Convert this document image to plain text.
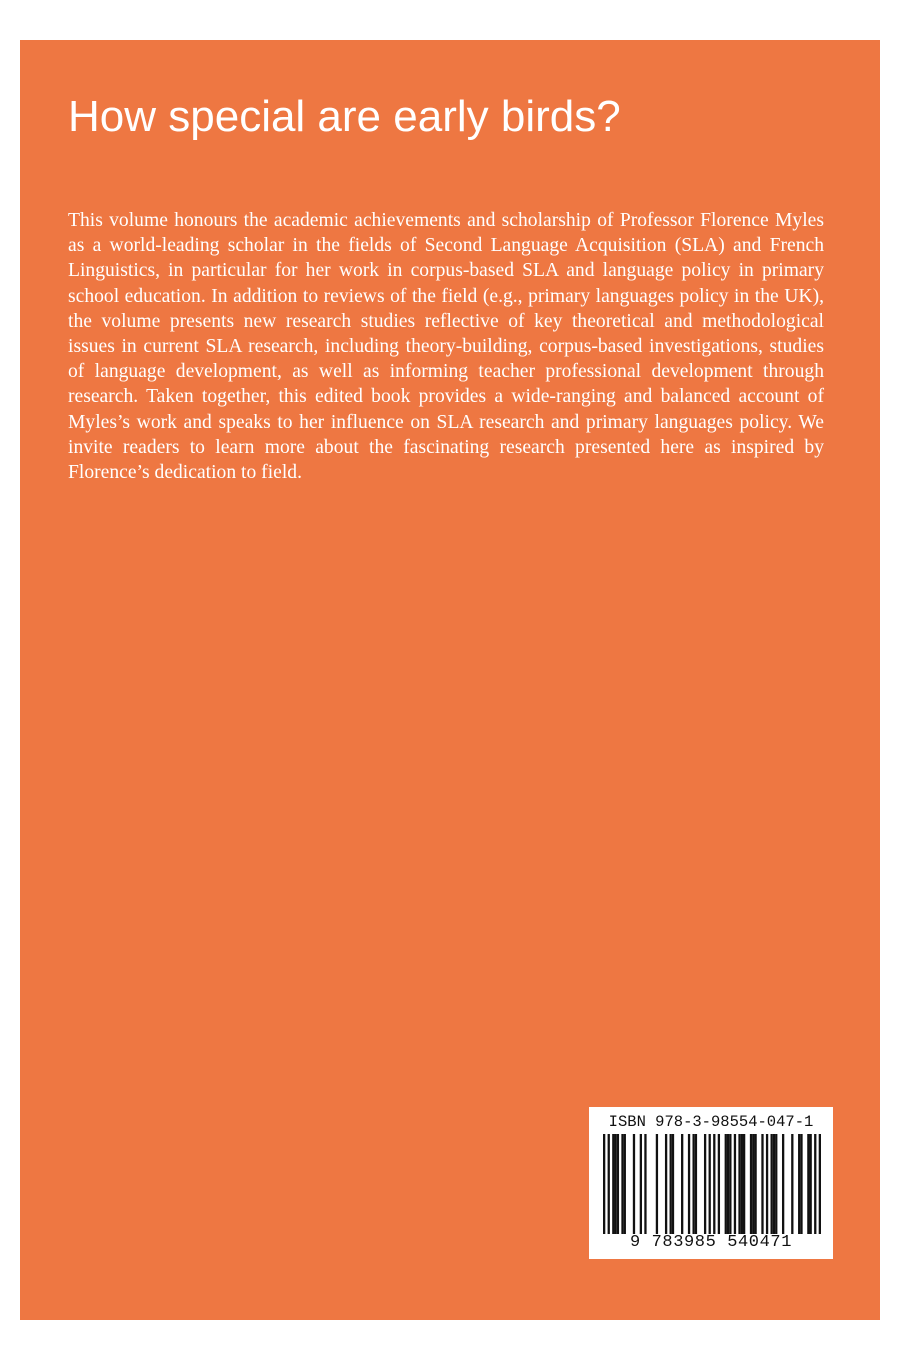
How special are early birds?

This volume honours the academic achievements and scholarship of Professor Florence Myles as a world-leading scholar in the fields of Second Language Acquisition (SLA) and French Linguistics, in particular for her work in corpus-based SLA and language policy in primary school education. In addition to reviews of the field (e.g., primary languages policy in the UK), the volume presents new research studies reflective of key theoretical and methodological issues in current SLA research, including theory-building, corpus-based investigations, studies of language development, as well as informing teacher professional development through research. Taken together, this edited book provides a wide-ranging and balanced account of Myles’s work and speaks to her influence on SLA research and primary languages policy. We invite readers to learn more about the fascinating research presented here as inspired by Florence’s dedication to field.

ISBN 978-3-98554-047-1
9 783985 540471
